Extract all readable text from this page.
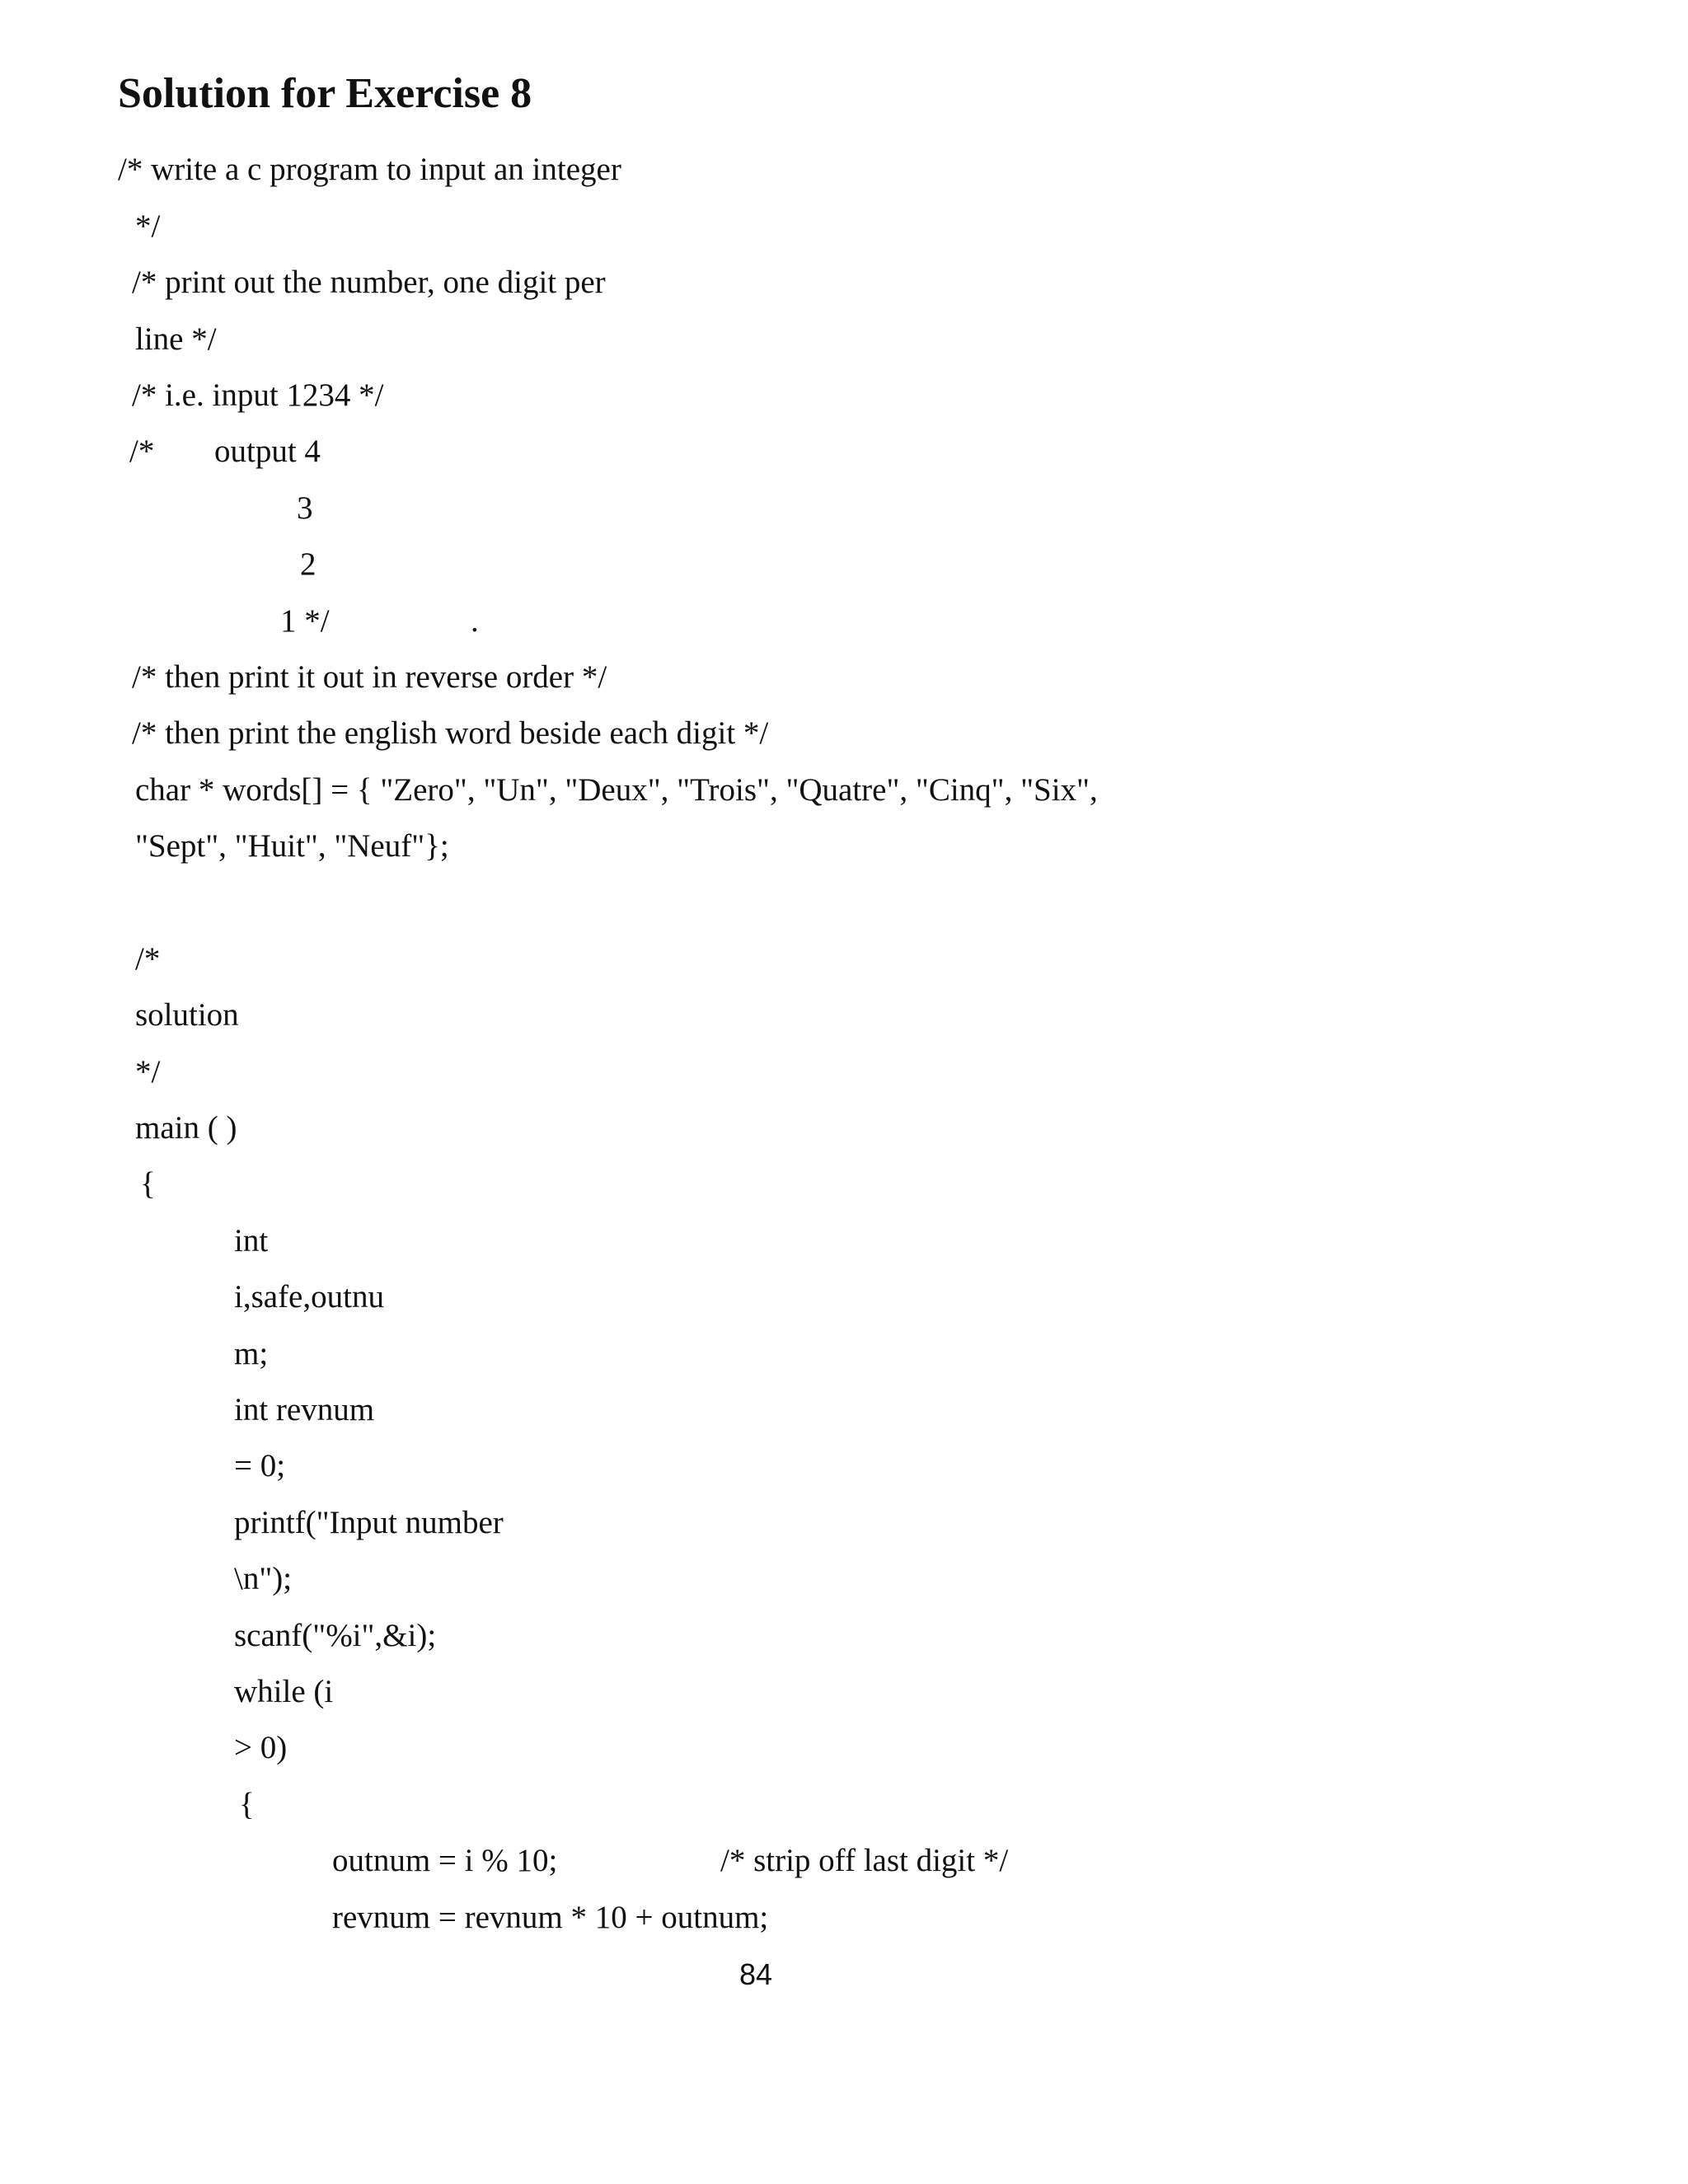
Solution for Exercise 8
/* write a c program to input an integer
*/
/* print out the number, one digit per
line */
/* i.e. input 1234 */
/* output 4
3
2
1 */	.
/* then print it out in reverse order */
/* then print the english word beside each digit */
char * words[] = { "Zero", "Un", "Deux", "Trois", "Quatre", "Cinq", "Six",
"Sept", "Huit", "Neuf"};
/*
solution
*/
main ( )
{
int
i,safe,outnu
m;
int revnum
= 0;
printf("Input number
\n");
scanf("%i",&i);
while (i
> 0)
{
outnum = i % 10;	/* strip off last digit */
revnum = revnum * 10 + outnum;
84
